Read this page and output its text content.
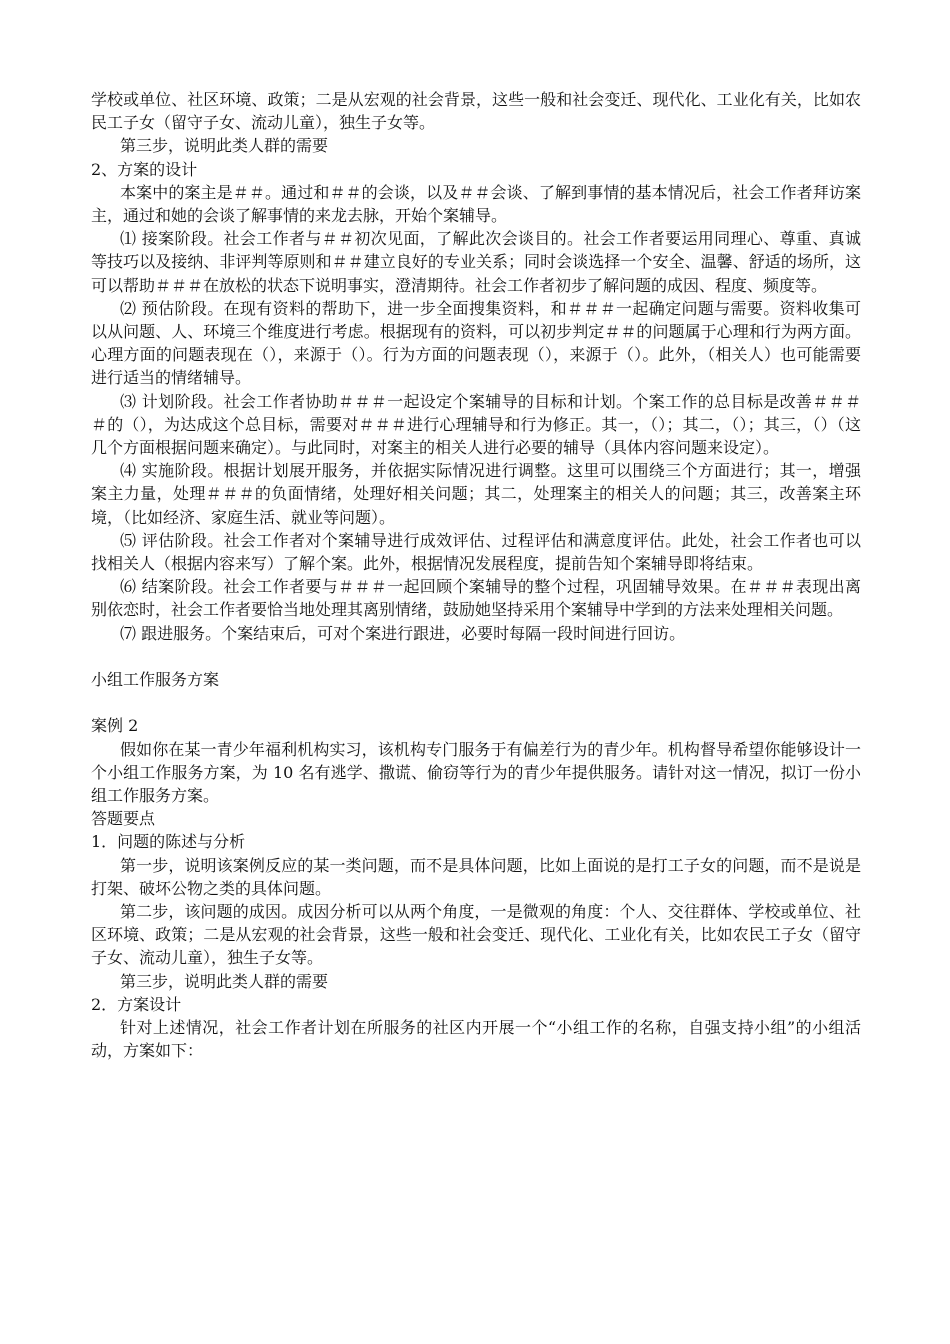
学校或单位、社区环境、政策；二是从宏观的社会背景，这些一般和社会变迁、现代化、工业化有关，比如农民工子女（留守子女、流动儿童），独生子女等。

第三步，说明此类人群的需要

2、方案的设计

本案中的案主是＃＃。通过和＃＃的会谈，以及＃＃会谈、了解到事情的基本情况后，社会工作者拜访案主，通过和她的会谈了解事情的来龙去脉，开始个案辅导。

⑴ 接案阶段。社会工作者与＃＃初次见面，了解此次会谈目的。社会工作者要运用同理心、尊重、真诚等技巧以及接纳、非评判等原则和＃＃建立良好的专业关系；同时会谈选择一个安全、温馨、舒适的场所，这可以帮助＃＃＃在放松的状态下说明事实，澄清期待。社会工作者初步了解问题的成因、程度、频度等。

⑵ 预估阶段。在现有资料的帮助下，进一步全面搜集资料，和＃＃＃一起确定问题与需要。资料收集可以从问题、人、环境三个维度进行考虑。根据现有的资料，可以初步判定＃＃的问题属于心理和行为两方面。心理方面的问题表现在（），来源于（）。行为方面的问题表现（），来源于（）。此外，（相关人）也可能需要进行适当的情绪辅导。

⑶ 计划阶段。社会工作者协助＃＃＃一起设定个案辅导的目标和计划。个案工作的总目标是改善＃＃＃＃的（），为达成这个总目标，需要对＃＃＃进行心理辅导和行为修正。其一，（）；其二，（）；其三，（）（这几个方面根据问题来确定）。与此同时，对案主的相关人进行必要的辅导（具体内容问题来设定）。

⑷ 实施阶段。根据计划展开服务，并依据实际情况进行调整。这里可以围绕三个方面进行；其一，增强案主力量，处理＃＃＃的负面情绪，处理好相关问题；其二，处理案主的相关人的问题；其三，改善案主环境，（比如经济、家庭生活、就业等问题）。

⑸ 评估阶段。社会工作者对个案辅导进行成效评估、过程评估和满意度评估。此处，社会工作者也可以找相关人（根据内容来写）了解个案。此外，根据情况发展程度，提前告知个案辅导即将结束。

⑹ 结案阶段。社会工作者要与＃＃＃一起回顾个案辅导的整个过程，巩固辅导效果。在＃＃＃表现出离别依恋时，社会工作者要恰当地处理其离别情绪，鼓励她坚持采用个案辅导中学到的方法来处理相关问题。

⑺ 跟进服务。个案结束后，可对个案进行跟进，必要时每隔一段时间进行回访。

小组工作服务方案

案例 2

假如你在某一青少年福利机构实习，该机构专门服务于有偏差行为的青少年。机构督导希望你能够设计一个小组工作服务方案，为 10 名有逃学、撒谎、偷窃等行为的青少年提供服务。请针对这一情况，拟订一份小组工作服务方案。

答题要点

1．问题的陈述与分析

第一步，说明该案例反应的某一类问题，而不是具体问题，比如上面说的是打工子女的问题，而不是说是打架、破坏公物之类的具体问题。

第二步，该问题的成因。成因分析可以从两个角度，一是微观的角度：个人、交往群体、学校或单位、社区环境、政策；二是从宏观的社会背景，这些一般和社会变迁、现代化、工业化有关，比如农民工子女（留守子女、流动儿童），独生子女等。

第三步，说明此类人群的需要

2．方案设计

针对上述情况，社会工作者计划在所服务的社区内开展一个“小组工作的名称，自强支持小组”的小组活动，方案如下：
